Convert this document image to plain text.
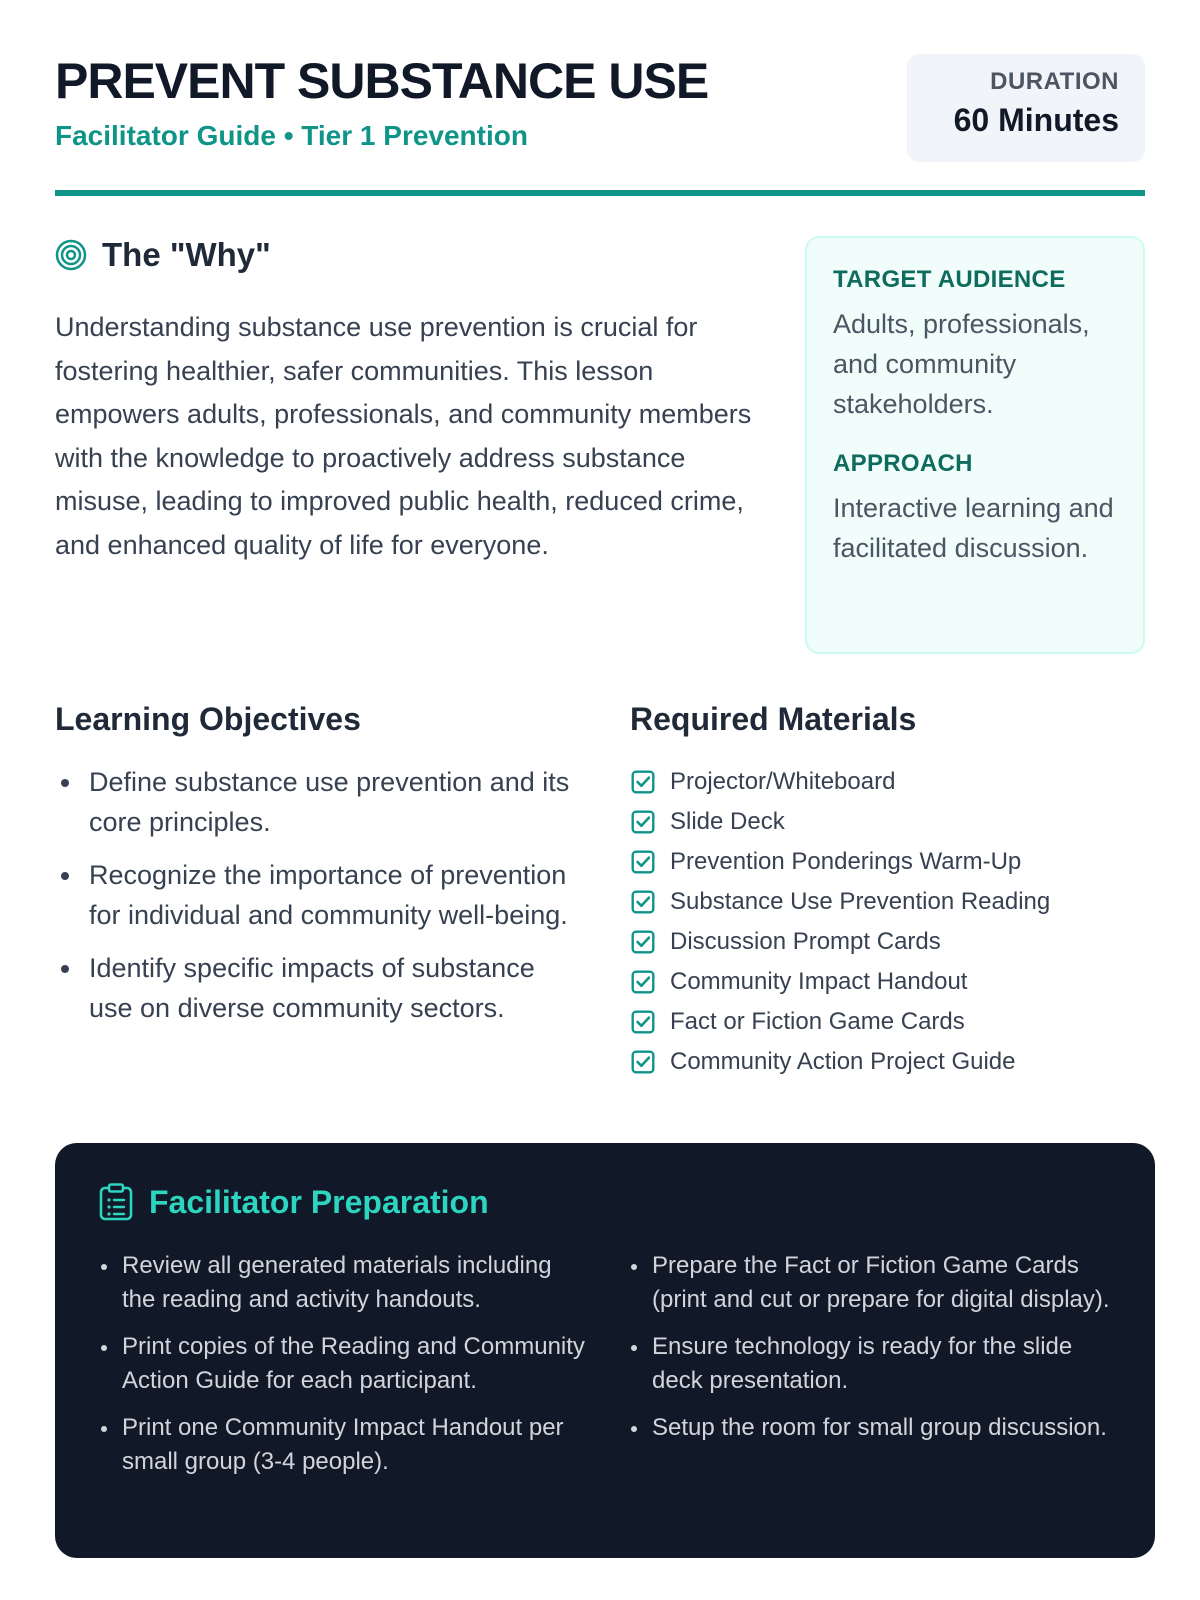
PREVENT SUBSTANCE USE
Facilitator Guide • Tier 1 Prevention
DURATION
60 Minutes
The "Why"

Understanding substance use prevention is crucial for fostering healthier, safer communities. This lesson empowers adults, professionals, and community members with the knowledge to proactively address substance misuse, leading to improved public health, reduced crime, and enhanced quality of life for everyone.

TARGET AUDIENCE
Adults, professionals, and community stakeholders.
APPROACH
Interactive learning and facilitated discussion.
Learning Objectives
Define substance use prevention and its core principles.
Recognize the importance of prevention for individual and community well-being.
Identify specific impacts of substance use on diverse community sectors.
Required Materials
Projector/Whiteboard
Slide Deck
Prevention Ponderings Warm-Up
Substance Use Prevention Reading
Discussion Prompt Cards
Community Impact Handout
Fact or Fiction Game Cards
Community Action Project Guide
Facilitator Preparation
Review all generated materials including the reading and activity handouts.
Print copies of the Reading and Community Action Guide for each participant.
Print one Community Impact Handout per small group (3-4 people).
Prepare the Fact or Fiction Game Cards (print and cut or prepare for digital display).
Ensure technology is ready for the slide deck presentation.
Setup the room for small group discussion.
